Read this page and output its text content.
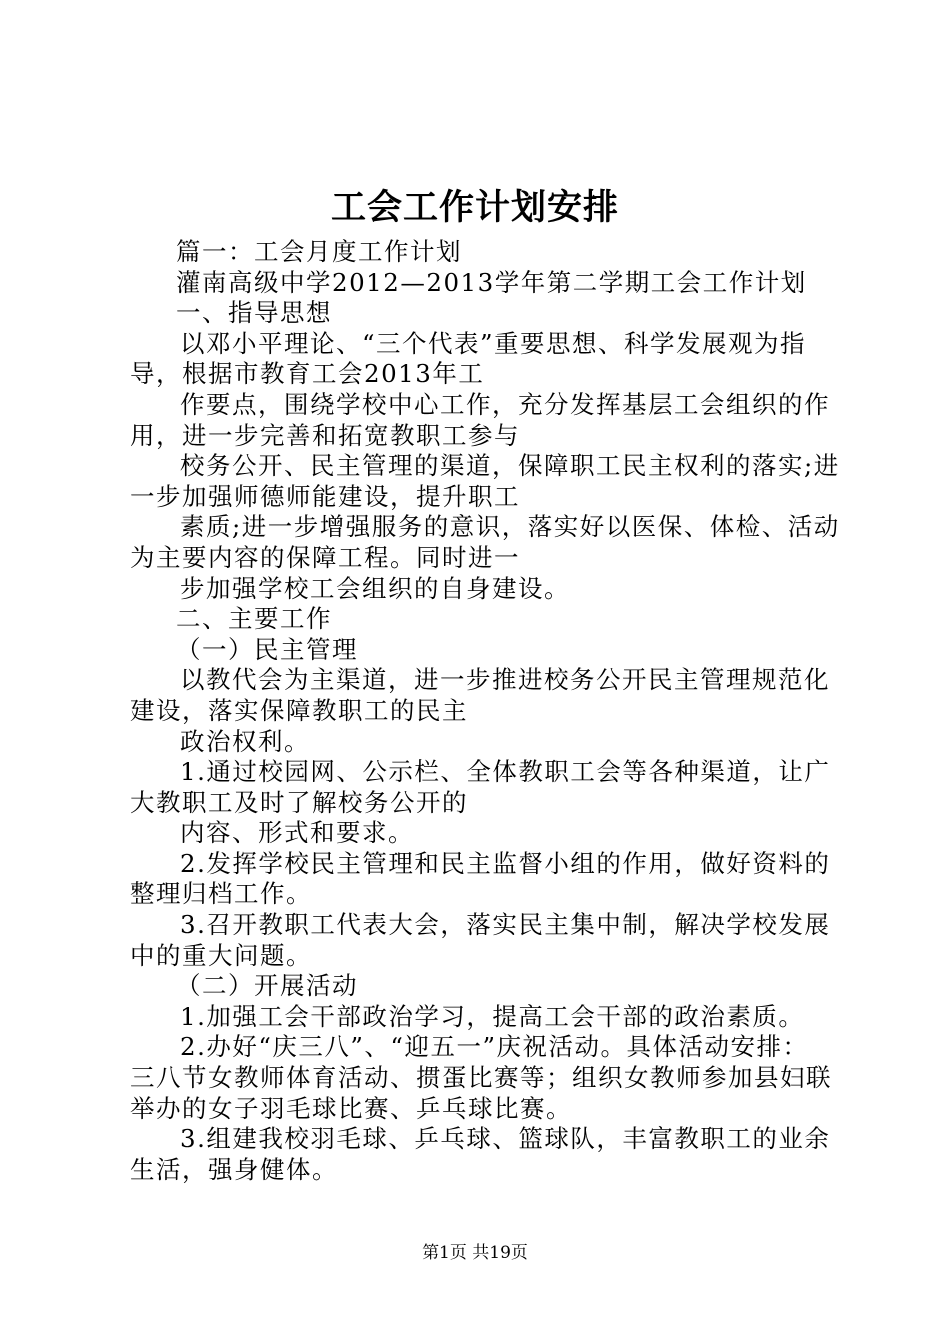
工会工作计划安排
篇一：工会月度工作计划
灌南高级中学2012—2013学年第二学期工会工作计划
一、指导思想
以邓小平理论、“三个代表”重要思想、科学发展观为指
导，根据市教育工会2013年工
作要点，围绕学校中心工作，充分发挥基层工会组织的作
用，进一步完善和拓宽教职工参与
校务公开、民主管理的渠道，保障职工民主权利的落实;进
一步加强师德师能建设，提升职工
素质;进一步增强服务的意识，落实好以医保、体检、活动
为主要内容的保障工程。同时进一
步加强学校工会组织的自身建设。
二、主要工作
（一）民主管理
以教代会为主渠道，进一步推进校务公开民主管理规范化
建设，落实保障教职工的民主
政治权利。
1.通过校园网、公示栏、全体教职工会等各种渠道，让广
大教职工及时了解校务公开的
内容、形式和要求。
2.发挥学校民主管理和民主监督小组的作用，做好资料的
整理归档工作。
3.召开教职工代表大会，落实民主集中制，解决学校发展
中的重大问题。
（二）开展活动
1.加强工会干部政治学习，提高工会干部的政治素质。
2.办好“庆三八”、“迎五一”庆祝活动。具体活动安排：
三八节女教师体育活动、掼蛋比赛等；组织女教师参加县妇联
举办的女子羽毛球比赛、乒乓球比赛。
3.组建我校羽毛球、乒乓球、篮球队，丰富教职工的业余
生活，强身健体。
第1页 共19页
